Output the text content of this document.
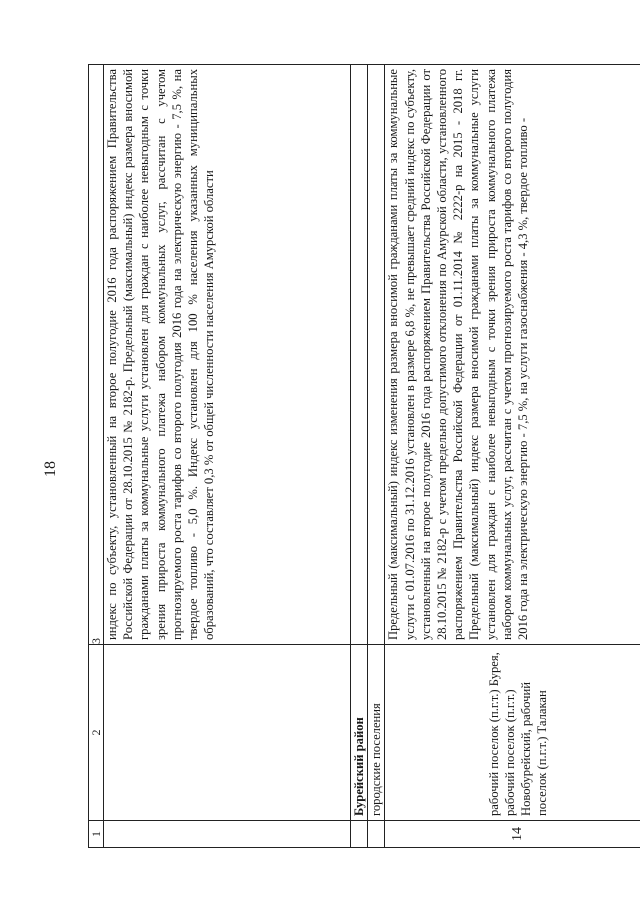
18
1	2	3

		индекс по субъекту, установленный на второе полугодие 2016 года распоряжением Правительства Российской Федерации от 28.10.2015 № 2182-р. Предельный (максимальный) индекс размера вносимой гражданами платы за коммунальные услуги установлен для граждан с наиболее невыгодным с точки зрения прироста коммунального платежа набором коммунальных услуг, рассчитан с учетом прогнозируемого роста тарифов со второго полугодия 2016 года на электрическую энергию - 7,5 %, на твердое топливо - 5,0 %. Индекс установлен для 100 % населения указанных муниципальных образований, что составляет 0,3 % от общей численности населения Амурской области

	Бурейский район	
	городские поселения	
14	рабочий поселок (п.г.т.) Бурея, рабочий поселок (п.г.т.) Новобурейский, рабочий поселок (п.г.т.) Талакан	Предельный (максимальный) индекс изменения размера вносимой гражданами платы за коммунальные услуги с 01.07.2016 по 31.12.2016 установлен в размере 6,8 %, не превышает средний индекс по субъекту, установленный на второе полугодие 2016 года распоряжением Правительства Российской Федерации от 28.10.2015 № 2182-р с учетом предельно допустимого отклонения по Амурской области, установленного распоряжением Правительства Российской Федерации от 01.11.2014 № 2222-р на 2015 - 2018 гг. Предельный (максимальный) индекс размера вносимой гражданами платы за коммунальные услуги установлен для граждан с наиболее невыгодным с точки зрения прироста коммунального платежа набором коммунальных услуг, рассчитан с учетом прогнозируемого роста тарифов со второго полугодия 2016 года на электрическую энергию - 7,5 %, на услуги газоснабжения - 4,3 %, твердое топливо -
